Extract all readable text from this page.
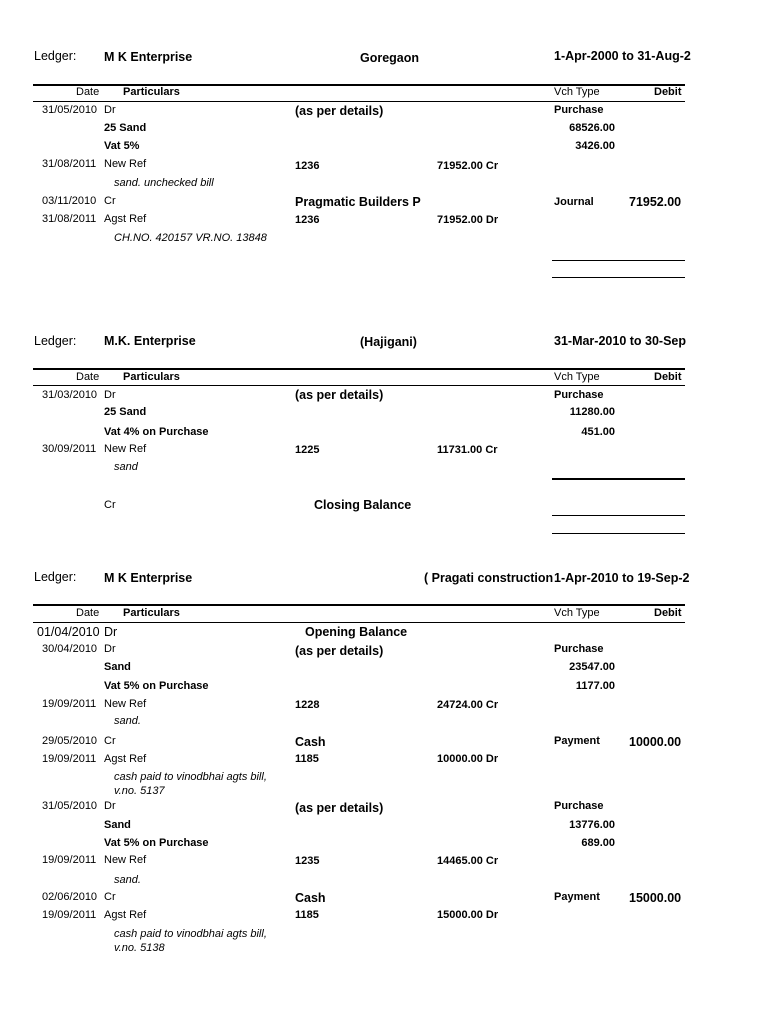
Ledger: M K Enterprise	Goregaon	1-Apr-2000 to 31-Aug-2
Date Particulars	Vch Type	Debit
31/05/2010 Dr	(as per details)	Purchase
25 Sand	68526.00
Vat 5%	3426.00
31/08/2011 New Ref	1236	71952.00 Cr
sand. unchecked bill
03/11/2010 Cr	Pragmatic Builders P	Journal	71952.00
31/08/2011 Agst Ref	1236	71952.00 Dr
CH.NO. 420157 VR.NO. 13848
Ledger: M.K. Enterprise	(Hajigani)	31-Mar-2010 to 30-Sep
Date Particulars	Vch Type	Debit
31/03/2010 Dr	(as per details)	Purchase
25 Sand	11280.00
Vat 4% on Purchase	451.00
30/09/2011 New Ref	1225	11731.00 Cr
sand
Cr	Closing Balance
Ledger: M K Enterprise	( Pragati construction 1-Apr-2010 to 19-Sep-2
Date Particulars	Vch Type	Debit
01/04/2010 Dr	Opening Balance
30/04/2010 Dr	(as per details)	Purchase
Sand	23547.00
Vat 5% on Purchase	1177.00
19/09/2011 New Ref	1228	24724.00 Cr
sand.
29/05/2010 Cr	Cash	Payment 10000.00
19/09/2011 Agst Ref	1185	10000.00 Dr
cash paid to vinodbhai agts bill,
v.no. 5137
31/05/2010 Dr	(as per details)	Purchase
Sand	13776.00
Vat 5% on Purchase	689.00
19/09/2011 New Ref	1235	14465.00 Cr
sand.
02/06/2010 Cr	Cash	Payment 15000.00
19/09/2011 Agst Ref	1185	15000.00 Dr
cash paid to vinodbhai agts bill,
v.no. 5138
